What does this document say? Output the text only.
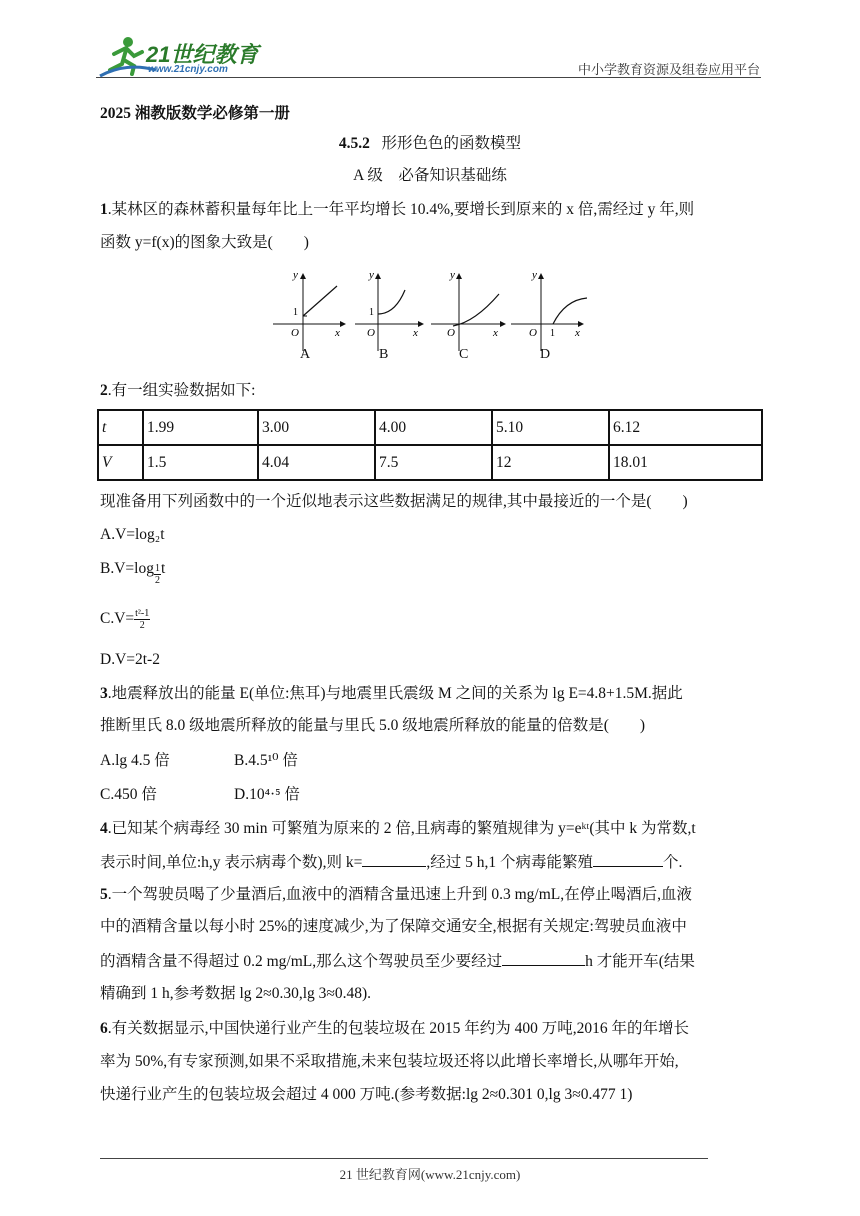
21世纪教育
www.21cnjy.com	中小学教育资源及组卷应用平台
2025 湘教版数学必修第一册
4.5.2 形形色色的函数模型
A 级　必备知识基础练
1.某林区的森林蓄积量每年比上一年平均增长 10.4%,要增长到原来的 x 倍,需经过 y 年,则
函数 y=f(x)的图象大致是(　　)
y
1
O	x
y
1
O	x
y
O	x
y
O 1 x
A	B	C	D
2.有一组实验数据如下:
t	1.99	3.00	4.00	5.10	6.12
V	1.5	4.04	7.5	12	18.01
现准备用下列函数中的一个近似地表示这些数据满足的规律,其中最接近的一个是(　　)
A.V=log₂t
$B.V=\log \frac{1}{2}$ t
$C.V= \frac{\text{t²-1}}{2}$
D.V=2t-2
3.地震释放出的能量 E(单位:焦耳)与地震里氏震级 M 之间的关系为 lg E=4.8+1.5M.据此
推断里氏 8.0 级地震所释放的能量与里氏 5.0 级地震所释放的能量的倍数是(　　)
A.lg 4.5 倍	B.4.5¹⁰ 倍
C.450 倍	D.10⁴·⁵ 倍
4.已知某个病毒经 30 min 可繁殖为原来的 2 倍,且病毒的繁殖规律为 y=eᵏᵗ(其中 k 为常数,t
表示时间,单位:h,y 表示病毒个数),则 k=	,经过 5 h,1 个病毒能繁殖	个.
5.一个驾驶员喝了少量酒后,血液中的酒精含量迅速上升到 0.3 mg/mL,在停止喝酒后,血液
中的酒精含量以每小时 25%的速度减少,为了保障交通安全,根据有关规定:驾驶员血液中
的酒精含量不得超过 0.2 mg/mL,那么这个驾驶员至少要经过	h 才能开车(结果
精确到 1 h,参考数据 lg 2≈0.30,lg 3≈0.48).
6.有关数据显示,中国快递行业产生的包装垃圾在 2015 年约为 400 万吨,2016 年的年增长
率为 50%,有专家预测,如果不采取措施,未来包装垃圾还将以此增长率增长,从哪年开始,
快递行业产生的包装垃圾会超过 4 000 万吨.(参考数据:lg 2≈0.301 0,lg 3≈0.477 1)
21 世纪教育网(www.21cnjy.com)
